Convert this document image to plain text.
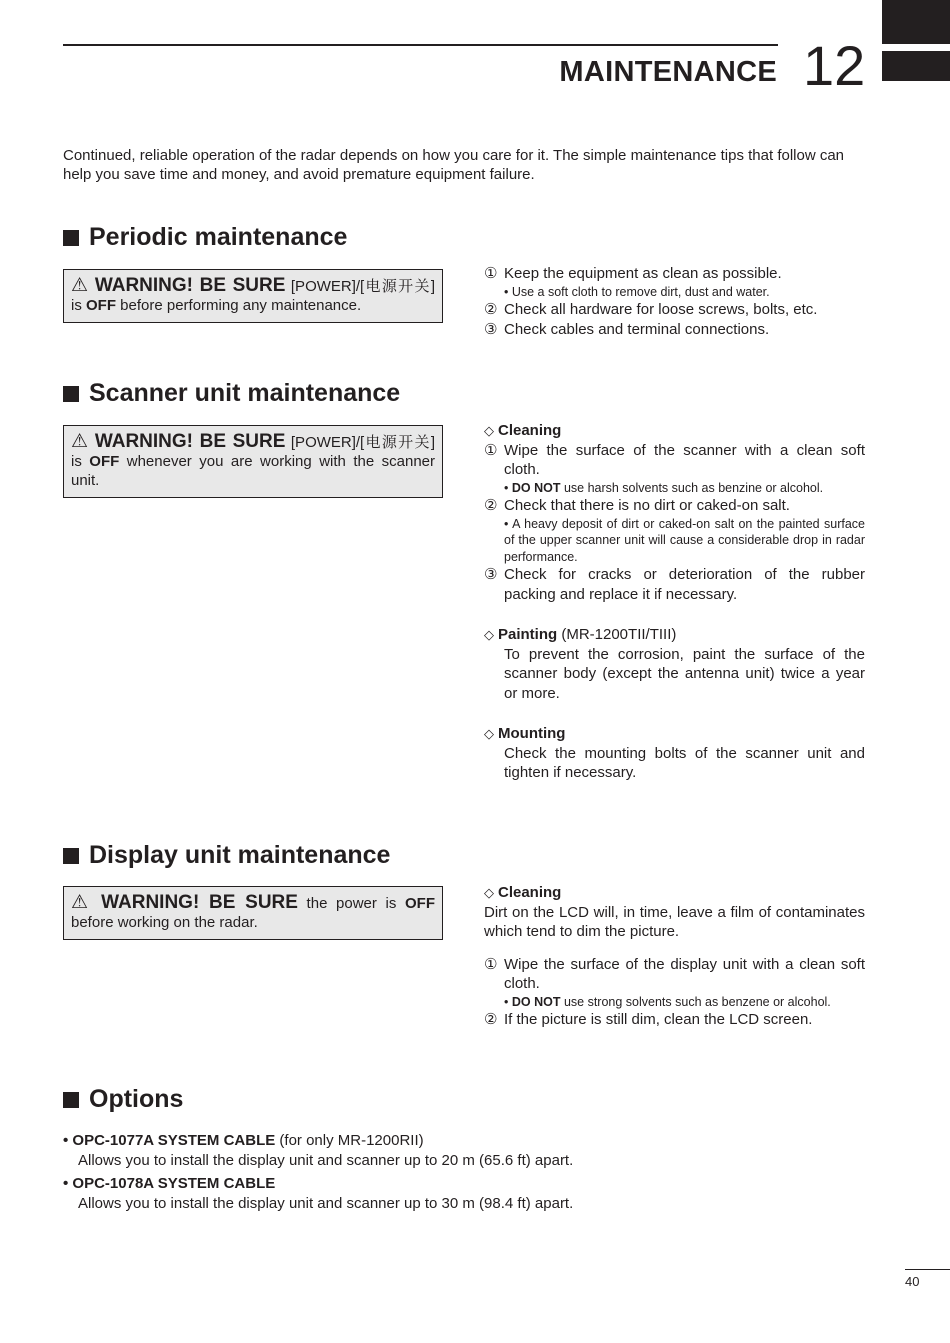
MAINTENANCE 12
Continued, reliable operation of the radar depends on how you care for it. The simple maintenance tips that follow can help you save time and money, and avoid premature equipment failure.
Periodic maintenance
⚠ WARNING! BE SURE [POWER]/[电源开关] is OFF before performing any maintenance.
① Keep the equipment as clean as possible.
• Use a soft cloth to remove dirt, dust and water.
② Check all hardware for loose screws, bolts, etc.
③ Check cables and terminal connections.
Scanner unit maintenance
⚠ WARNING! BE SURE [POWER]/[电源开关] is OFF whenever you are working with the scanner unit.
◇ Cleaning
① Wipe the surface of the scanner with a clean soft cloth.
• DO NOT use harsh solvents such as benzine or alcohol.
② Check that there is no dirt or caked-on salt.
• A heavy deposit of dirt or caked-on salt on the painted surface of the upper scanner unit will cause a considerable drop in radar performance.
③ Check for cracks or deterioration of the rubber packing and replace it if necessary.
◇ Painting (MR-1200TII/TIII)
To prevent the corrosion, paint the surface of the scanner body (except the antenna unit) twice a year or more.
◇ Mounting
Check the mounting bolts of the scanner unit and tighten if necessary.
Display unit maintenance
⚠ WARNING! BE SURE the power is OFF before working on the radar.
◇ Cleaning
Dirt on the LCD will, in time, leave a film of contaminates which tend to dim the picture.
① Wipe the surface of the display unit with a clean soft cloth.
• DO NOT use strong solvents such as benzene or alcohol.
② If the picture is still dim, clean the LCD screen.
Options
• OPC-1077A SYSTEM CABLE (for only MR-1200RII)
Allows you to install the display unit and scanner up to 20 m (65.6 ft) apart.
• OPC-1078A SYSTEM CABLE
Allows you to install the display unit and scanner up to 30 m (98.4 ft) apart.
40
